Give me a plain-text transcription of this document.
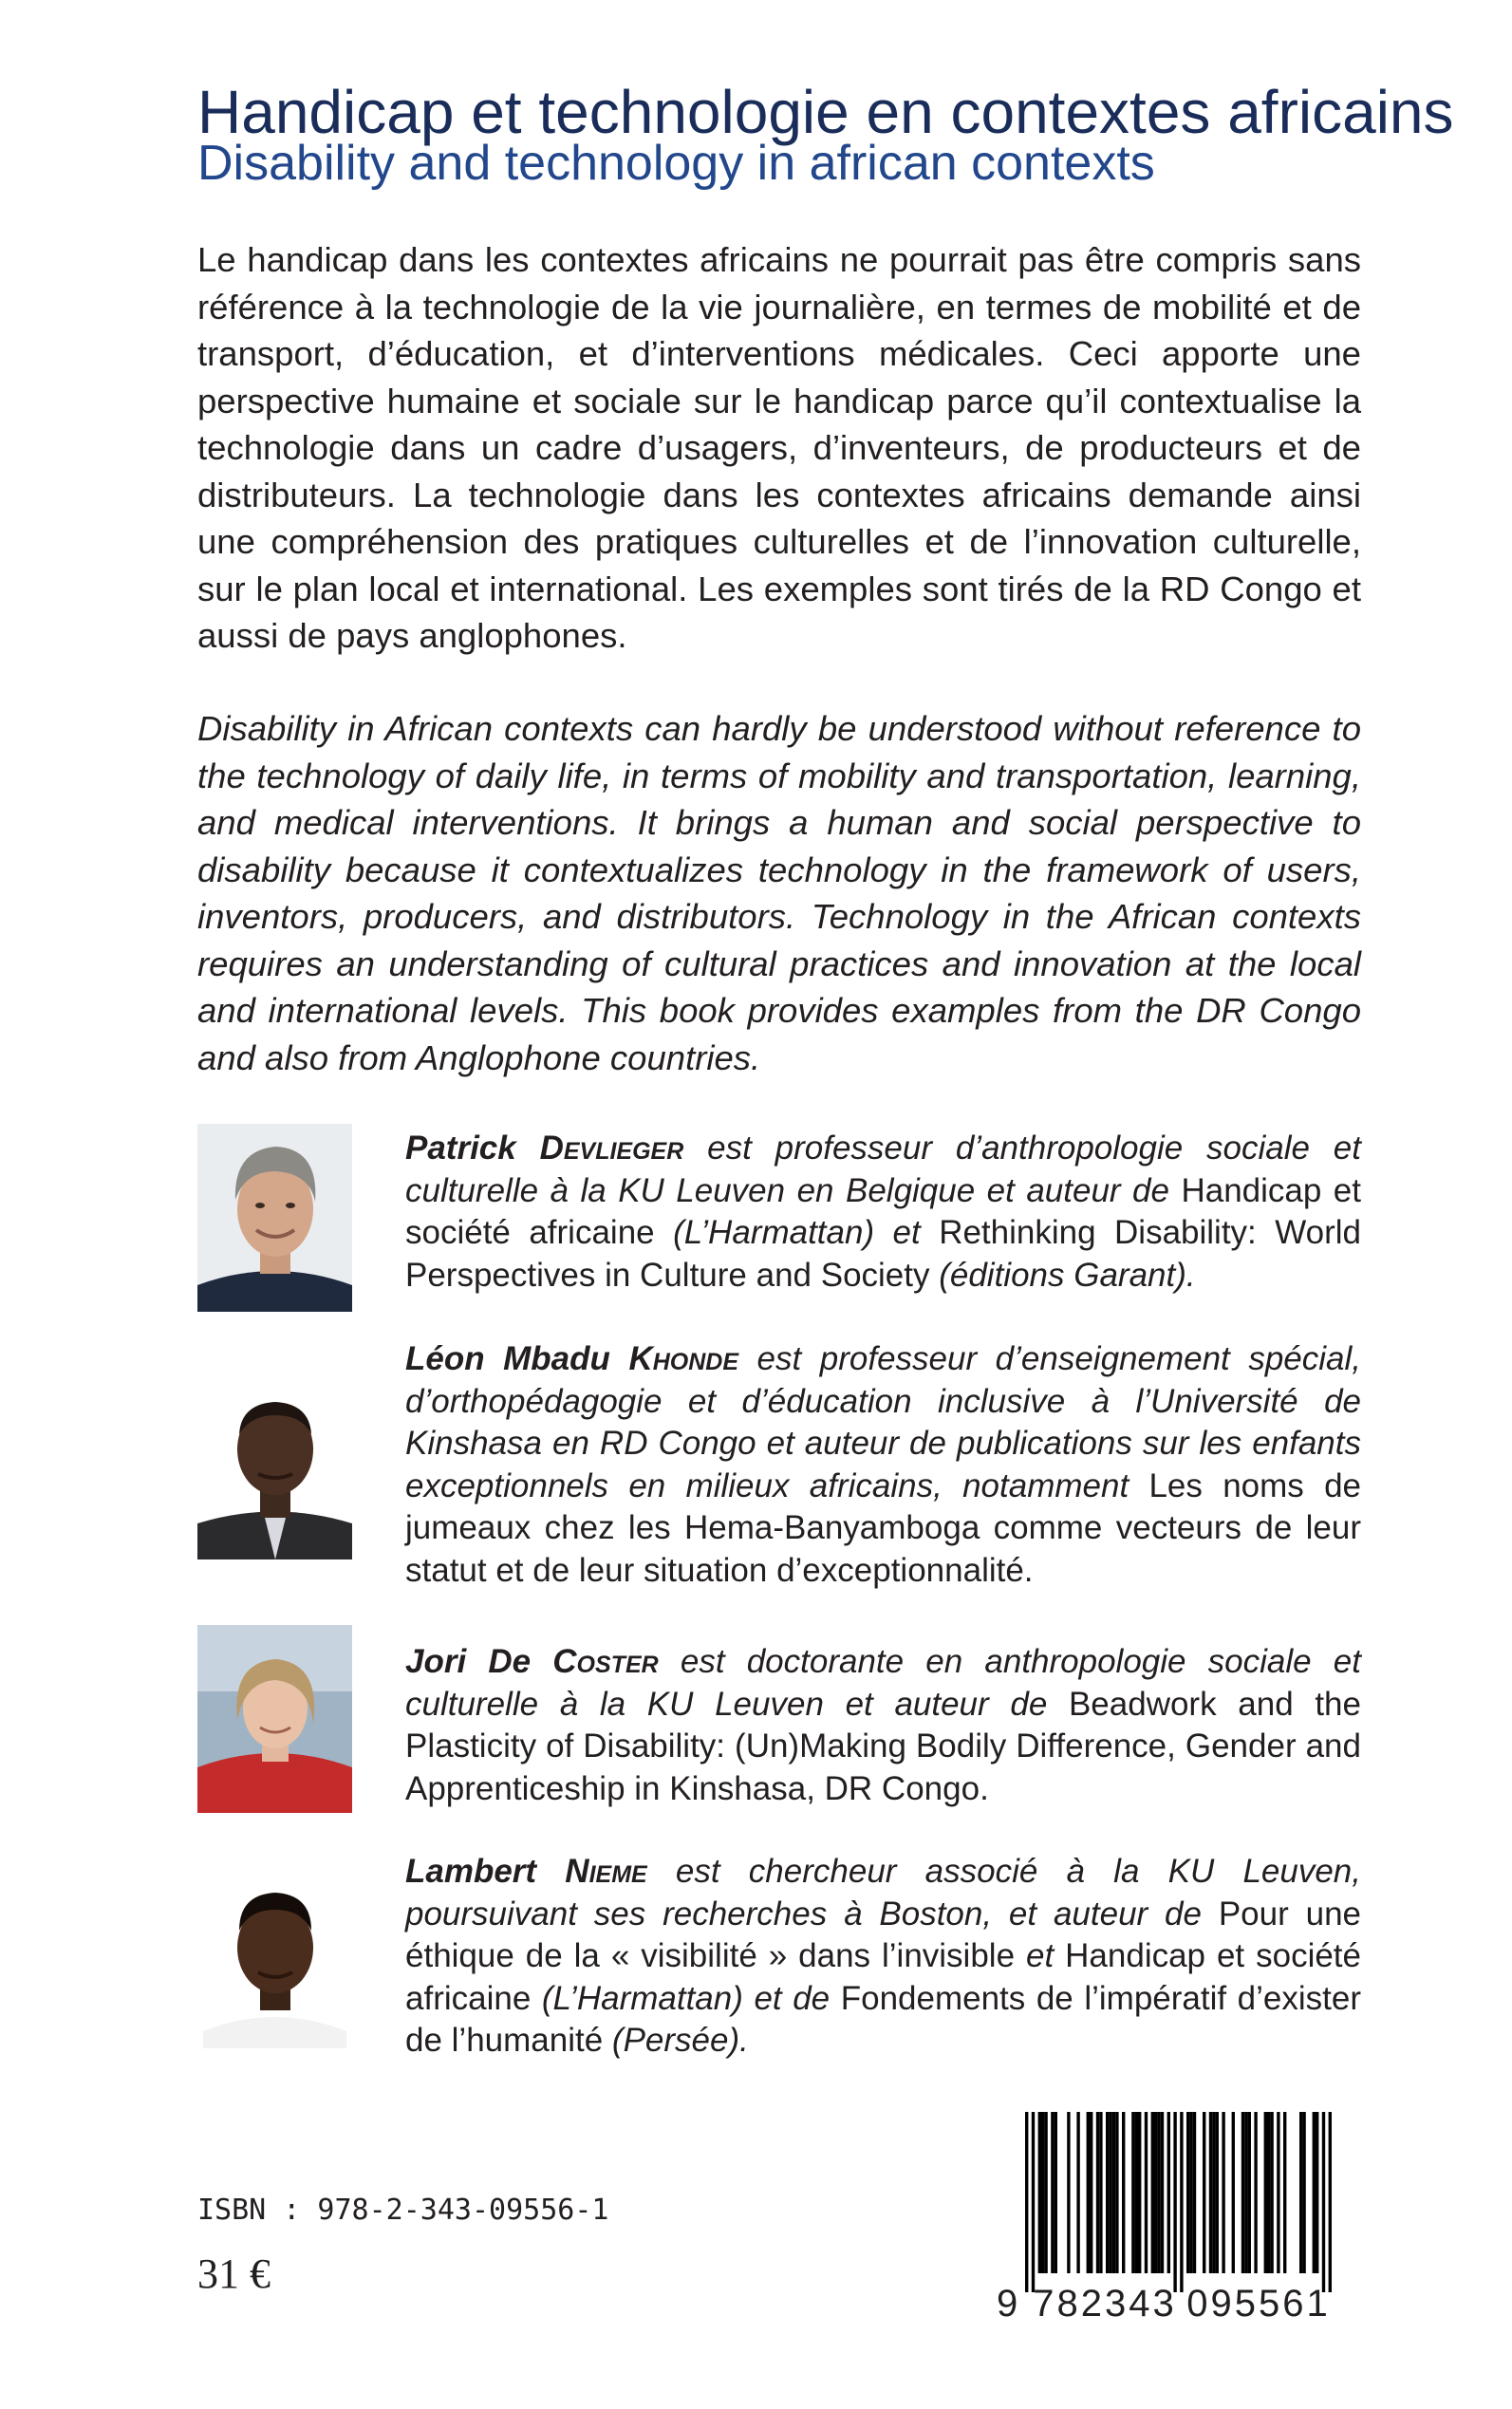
Handicap et technologie en contextes africains
Disability and technology in african contexts

Le handicap dans les contextes africains ne pourrait pas être compris sans référence à la technologie de la vie journalière, en termes de mobilité et de transport, d’éducation, et d’interventions médicales. Ceci apporte une perspective humaine et sociale sur le handicap parce qu’il contextualise la technologie dans un cadre d’usagers, d’inventeurs, de producteurs et de distributeurs. La technologie dans les contextes africains demande ainsi une compréhension des pratiques culturelles et de l’innovation culturelle, sur le plan local et international. Les exemples sont tirés de la RD Congo et aussi de pays anglophones.

Disability in African contexts can hardly be understood without reference to the technology of daily life, in terms of mobility and transportation, learning, and medical interventions. It brings a human and social perspective to disability because it contextualizes technology in the framework of users, inventors, producers, and distributors. Technology in the African contexts requires an understanding of cultural practices and innovation at the local and international levels. This book provides examples from the DR Congo and also from Anglophone countries.

Patrick Devlieger est professeur d’anthropologie sociale et culturelle à la KU Leuven en Belgique et auteur de Handicap et société africaine (L’Harmattan) et Rethinking Disability: World Perspectives in Culture and Society (éditions Garant).

Léon Mbadu Khonde est professeur d’enseignement spécial, d’orthopédagogie et d’éducation inclusive à l’Université de Kinshasa en RD Congo et auteur de publications sur les enfants exceptionnels en milieux africains, notamment Les noms de jumeaux chez les Hema-Banyamboga comme vecteurs de leur statut et de leur situation d’exceptionnalité.

Jori De Coster est doctorante en anthropologie sociale et culturelle à la KU Leuven et auteur de Beadwork and the Plasticity of Disability: (Un)Making Bodily Difference, Gender and Apprenticeship in Kinshasa, DR Congo.

Lambert Nieme est chercheur associé à la KU Leuven, poursuivant ses recherches à Boston, et auteur de Pour une éthique de la « visibilité » dans l’invisible et Handicap et société africaine (L’Harmattan) et de Fondements de l’impératif d’exister de l’humanité (Persée).

ISBN : 978-2-343-09556-1
31 €
9 782343 095561
